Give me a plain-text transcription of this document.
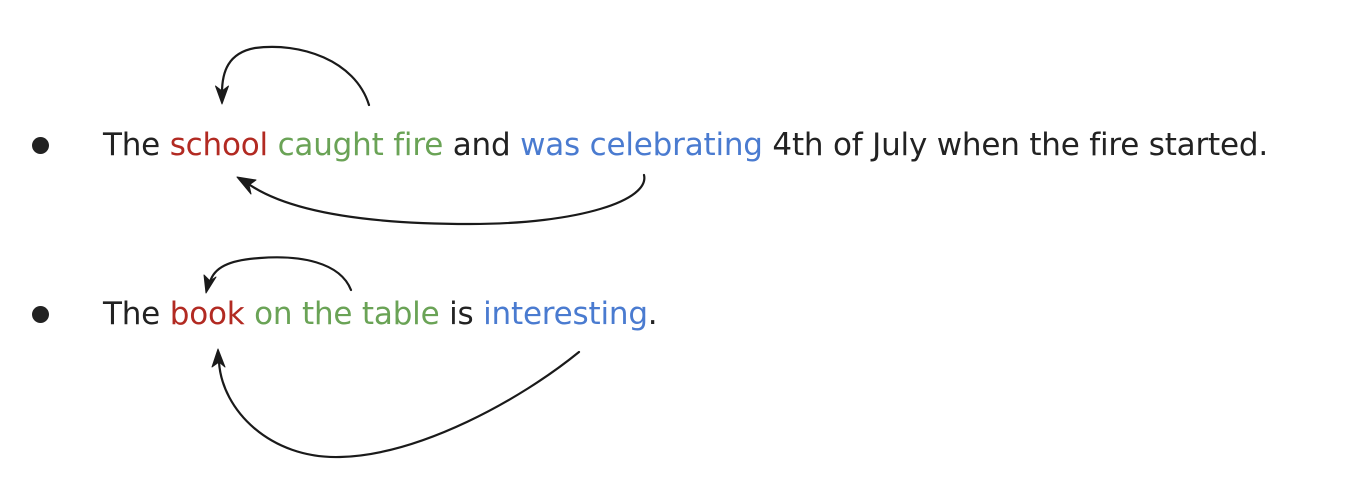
The school caught fire and was celebrating 4th of July when the fire started.
The book on the table is interesting.
